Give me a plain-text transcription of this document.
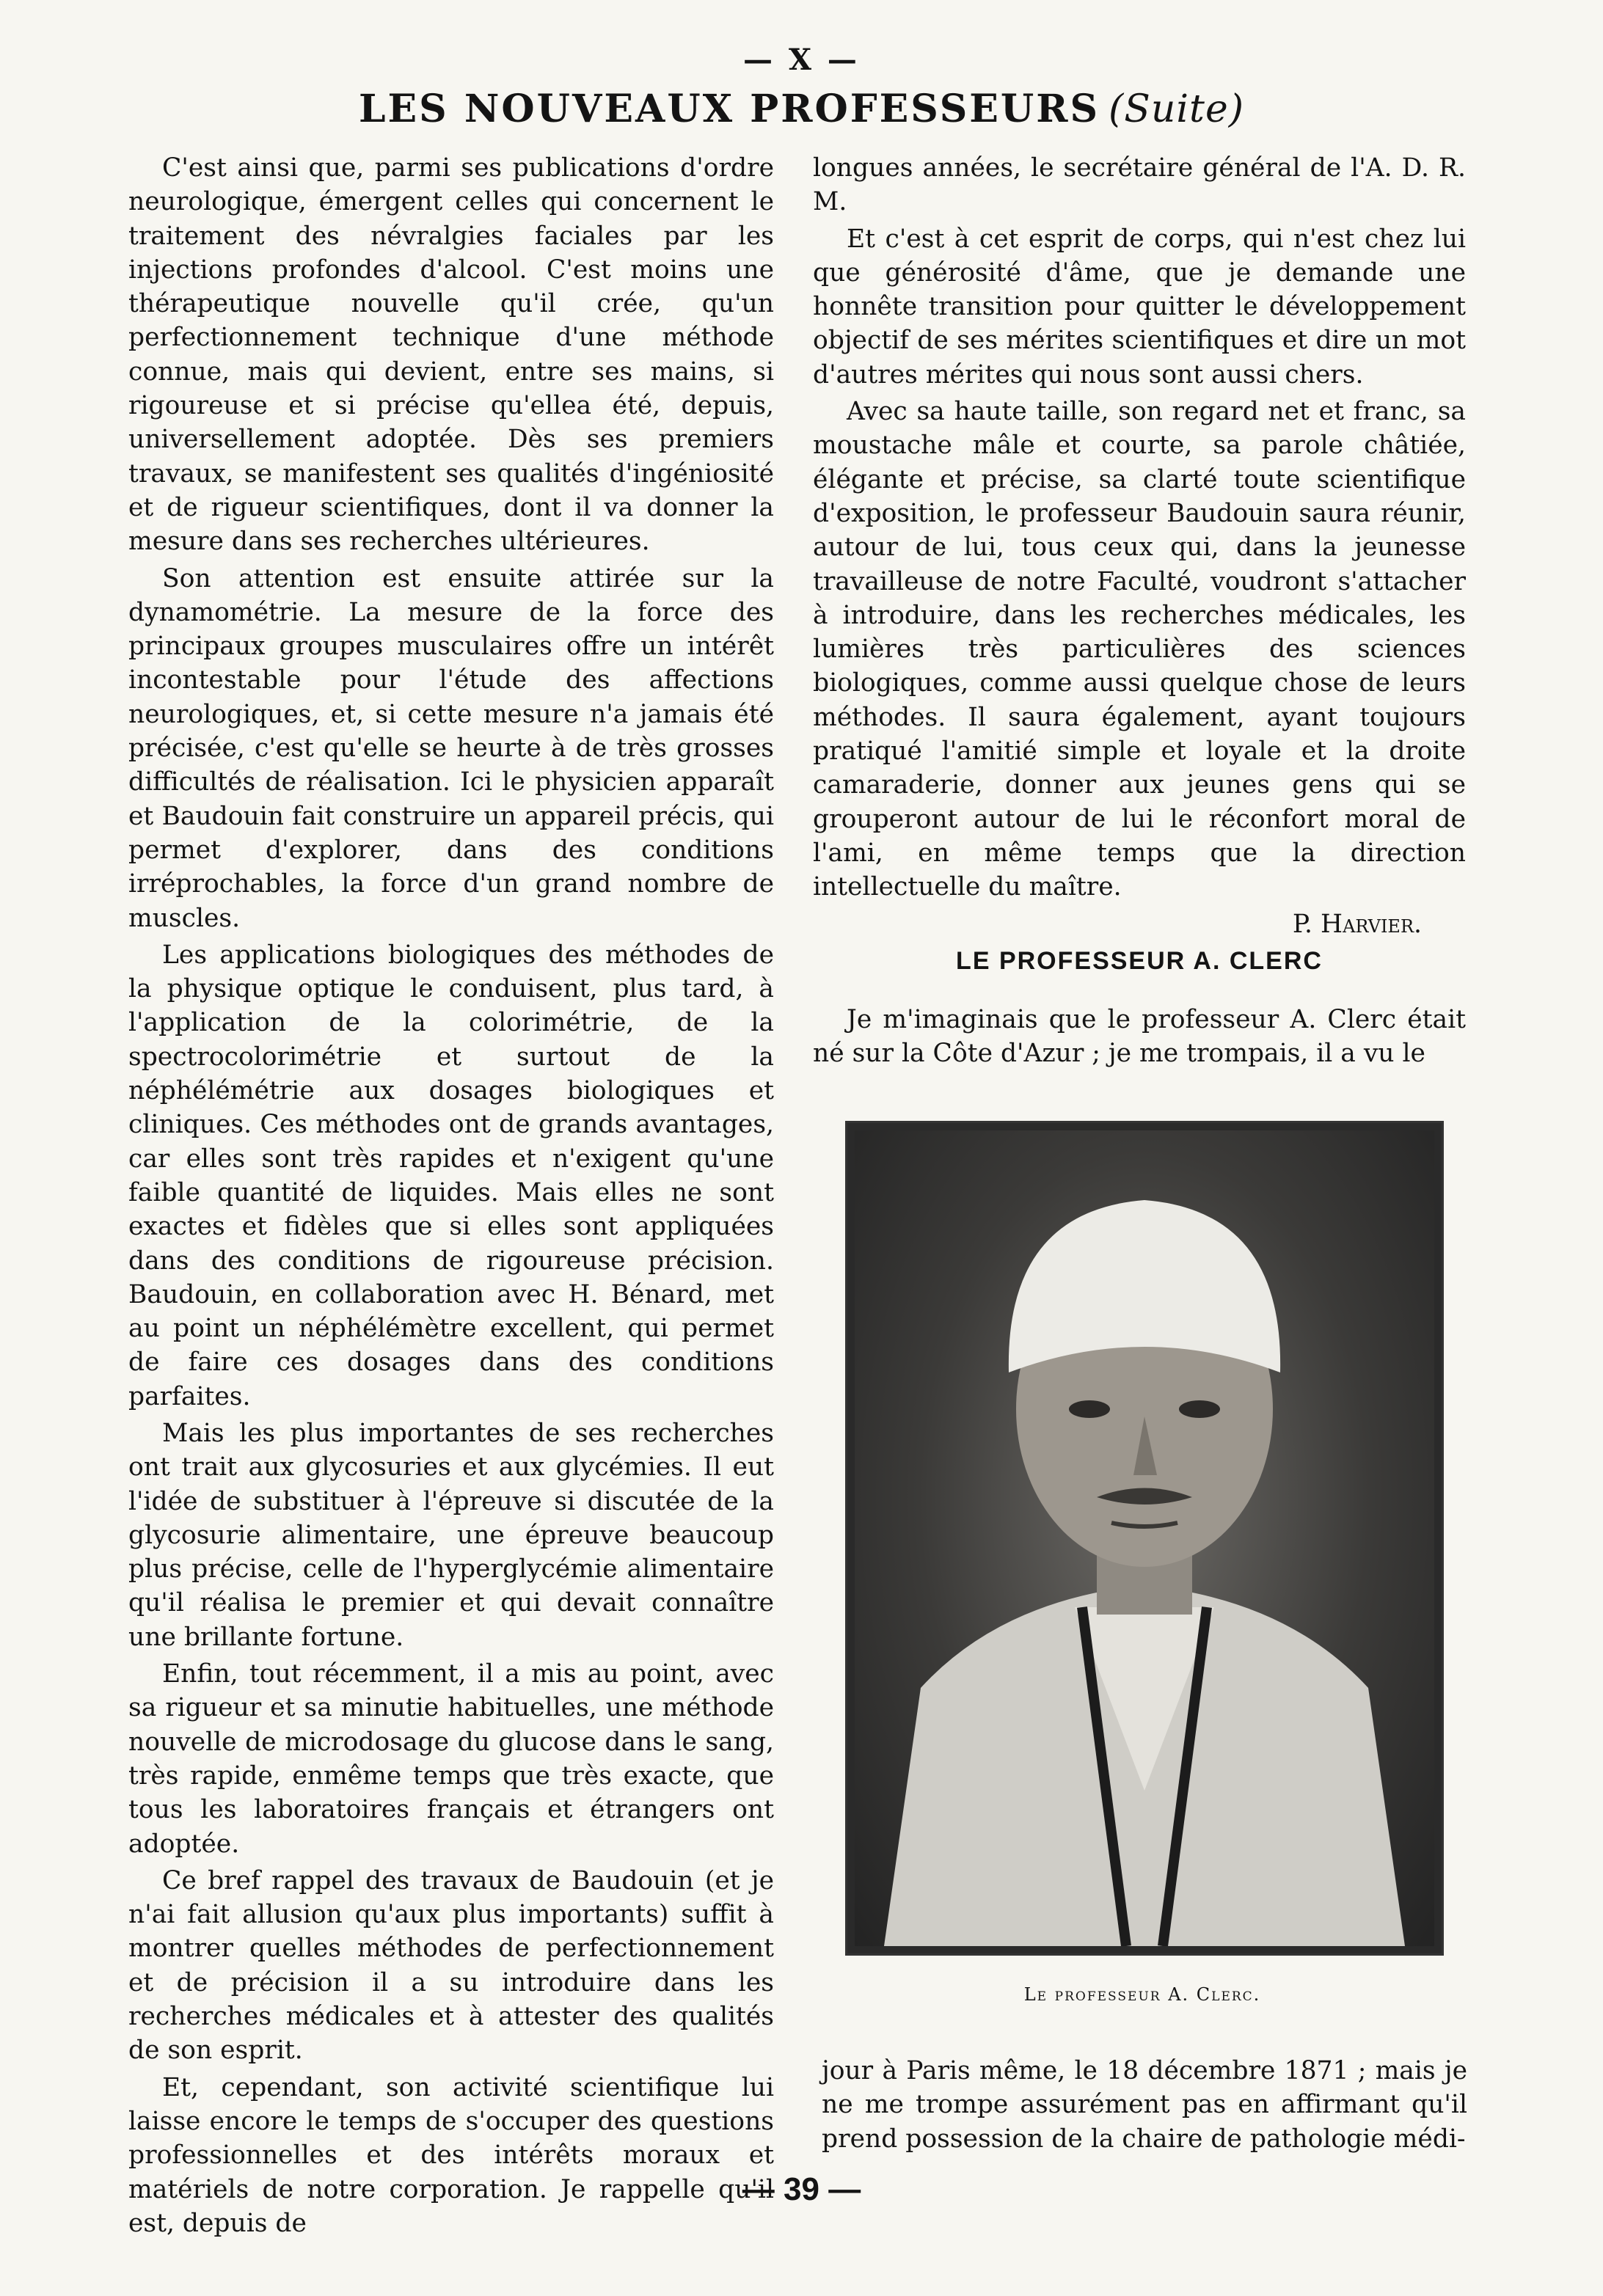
— X —
LES NOUVEAUX PROFESSEURS (Suite)

C'est ainsi que, parmi ses publications d'ordre neurologique, émergent celles qui concernent le traitement des névralgies faciales par les injections profondes d'alcool. C'est moins une thérapeutique nouvelle qu'il crée, qu'un perfectionnement technique d'une méthode connue, mais qui devient, entre ses mains, si rigoureuse et si précise qu'ellea été, depuis, universellement adoptée. Dès ses premiers travaux, se manifestent ses qualités d'ingéniosité et de rigueur scientifiques, dont il va donner la mesure dans ses recherches ultérieures.

Son attention est ensuite attirée sur la dynamométrie. La mesure de la force des principaux groupes musculaires offre un intérêt incontestable pour l'étude des affections neurologiques, et, si cette mesure n'a jamais été précisée, c'est qu'elle se heurte à de très grosses difficultés de réalisation. Ici le physicien apparaît et Baudouin fait construire un appareil précis, qui permet d'explorer, dans des conditions irréprochables, la force d'un grand nombre de muscles.

Les applications biologiques des méthodes de la physique optique le conduisent, plus tard, à l'application de la colorimétrie, de la spectrocolorimétrie et surtout de la néphélémétrie aux dosages biologiques et cliniques. Ces méthodes ont de grands avantages, car elles sont très rapides et n'exigent qu'une faible quantité de liquides. Mais elles ne sont exactes et fidèles que si elles sont appliquées dans des conditions de rigoureuse précision. Baudouin, en collaboration avec H. Bénard, met au point un néphélémètre excellent, qui permet de faire ces dosages dans des conditions parfaites.

Mais les plus importantes de ses recherches ont trait aux glycosuries et aux glycémies. Il eut l'idée de substituer à l'épreuve si discutée de la glycosurie alimentaire, une épreuve beaucoup plus précise, celle de l'hyperglycémie alimentaire qu'il réalisa le premier et qui devait connaître une brillante fortune.

Enfin, tout récemment, il a mis au point, avec sa rigueur et sa minutie habituelles, une méthode nouvelle de microdosage du glucose dans le sang, très rapide, enmême temps que très exacte, que tous les laboratoires français et étrangers ont adoptée.

Ce bref rappel des travaux de Baudouin (et je n'ai fait allusion qu'aux plus importants) suffit à montrer quelles méthodes de perfectionnement et de précision il a su introduire dans les recherches médicales et à attester des qualités de son esprit.

Et, cependant, son activité scientifique lui laisse encore le temps de s'occuper des questions professionnelles et des intérêts moraux et matériels de notre corporation. Je rappelle qu'il est, depuis de

longues années, le secrétaire général de l'A. D. R. M.

Et c'est à cet esprit de corps, qui n'est chez lui que générosité d'âme, que je demande une honnête transition pour quitter le développement objectif de ses mérites scientifiques et dire un mot d'autres mérites qui nous sont aussi chers.

Avec sa haute taille, son regard net et franc, sa moustache mâle et courte, sa parole châtiée, élégante et précise, sa clarté toute scientifique d'exposition, le professeur Baudouin saura réunir, autour de lui, tous ceux qui, dans la jeunesse travailleuse de notre Faculté, voudront s'attacher à introduire, dans les recherches médicales, les lumières très particulières des sciences biologiques, comme aussi quelque chose de leurs méthodes. Il saura également, ayant toujours pratiqué l'amitié simple et loyale et la droite camaraderie, donner aux jeunes gens qui se grouperont autour de lui le réconfort moral de l'ami, en même temps que la direction intellectuelle du maître.

P. Harvier.

LE PROFESSEUR A. CLERC

Je m'imaginais que le professeur A. Clerc était né sur la Côte d'Azur ; je me trompais, il a vu le

Le professeur A. Clerc.

jour à Paris même, le 18 décembre 1871 ; mais je ne me trompe assurément pas en affirmant qu'il prend possession de la chaire de pathologie médi-

— 39 —
